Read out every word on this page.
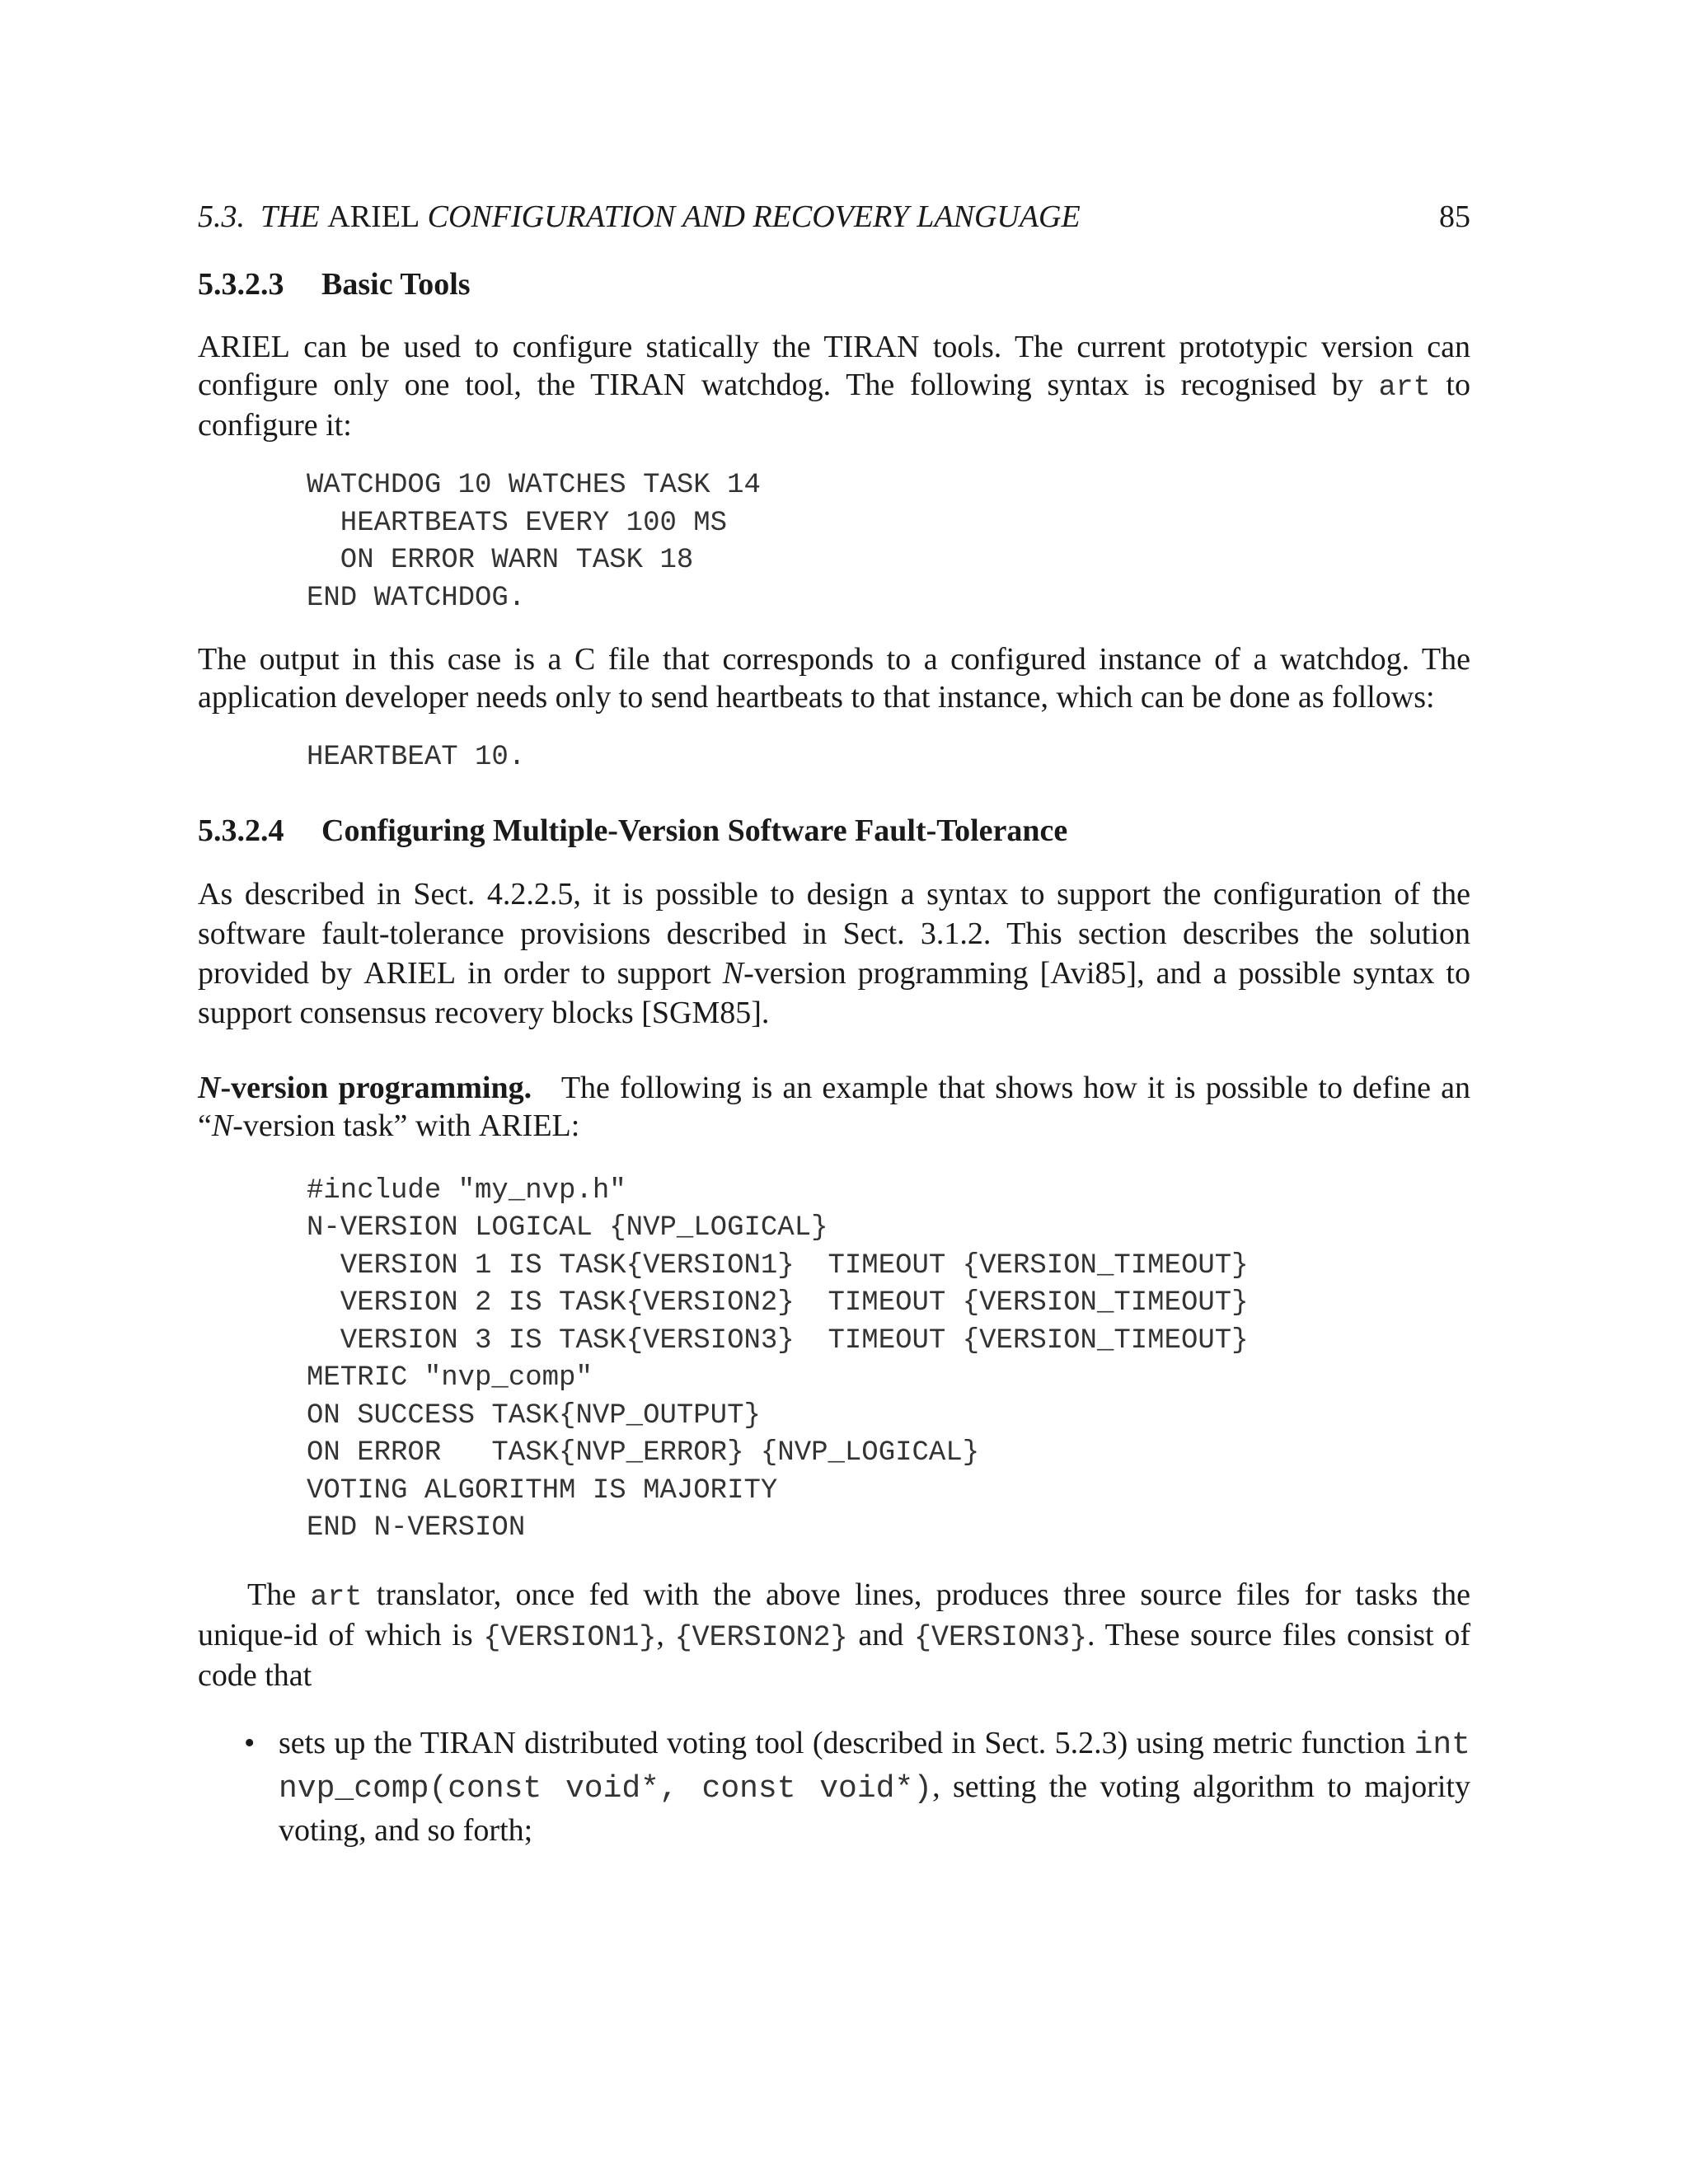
5.3. THE ARIEL CONFIGURATION AND RECOVERY LANGUAGE	85
5.3.2.3 Basic Tools

ARIEL can be used to configure statically the TIRAN tools. The current prototypic version can configure only one tool, the TIRAN watchdog. The following syntax is recognised by art to configure it:

WATCHDOG 10 WATCHES TASK 14
HEARTBEATS EVERY 100 MS
ON ERROR WARN TASK 18
END WATCHDOG.

The output in this case is a C file that corresponds to a configured instance of a watchdog. The application developer needs only to send heartbeats to that instance, which can be done as follows:

HEARTBEAT 10.
5.3.2.4 Configuring Multiple-Version Software Fault-Tolerance

As described in Sect. 4.2.2.5, it is possible to design a syntax to support the configuration of the software fault-tolerance provisions described in Sect. 3.1.2. This section describes the solution provided by ARIEL in order to support N-version programming [Avi85], and a possible syntax to support consensus recovery blocks [SGM85].

N-version programming. The following is an example that shows how it is possible to define an “N-version task” with ARIEL:

#include "my_nvp.h"
N-VERSION LOGICAL {NVP_LOGICAL}
VERSION 1 IS TASK{VERSION1}  TIMEOUT {VERSION_TIMEOUT}
VERSION 2 IS TASK{VERSION2}  TIMEOUT {VERSION_TIMEOUT}
VERSION 3 IS TASK{VERSION3}  TIMEOUT {VERSION_TIMEOUT}
METRIC "nvp_comp"
ON SUCCESS TASK{NVP_OUTPUT}
ON ERROR   TASK{NVP_ERROR} {NVP_LOGICAL}
VOTING ALGORITHM IS MAJORITY
END N-VERSION

The art translator, once fed with the above lines, produces three source files for tasks the unique-id of which is {VERSION1}, {VERSION2} and {VERSION3}. These source files consist of code that

• sets up the TIRAN distributed voting tool (described in Sect. 5.2.3) using metric function int nvp_comp(const void*, const void*), setting the voting algorithm to majority voting, and so forth;
